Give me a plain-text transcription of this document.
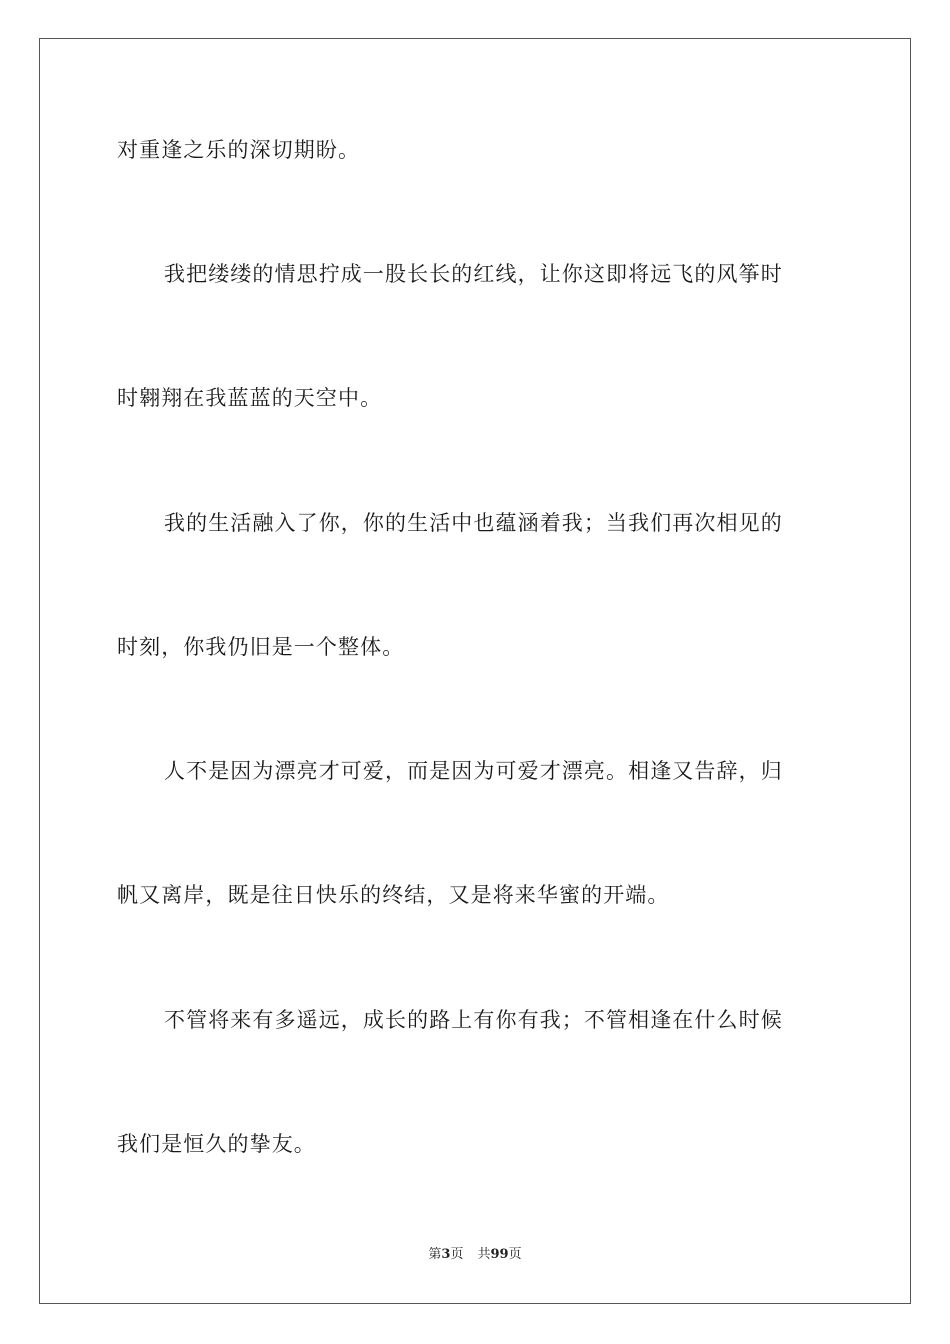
对重逢之乐的深切期盼。
我把缕缕的情思拧成一股长长的红线，让你这即将远飞的风筝时
时翱翔在我蓝蓝的天空中。
我的生活融入了你，你的生活中也蕴涵着我；当我们再次相见的
时刻，你我仍旧是一个整体。
人不是因为漂亮才可爱，而是因为可爱才漂亮。相逢又告辞，归
帆又离岸，既是往日快乐的终结，又是将来华蜜的开端。
不管将来有多遥远，成长的路上有你有我；不管相逢在什么时候
我们是恒久的挚友。
第3页 共99页
